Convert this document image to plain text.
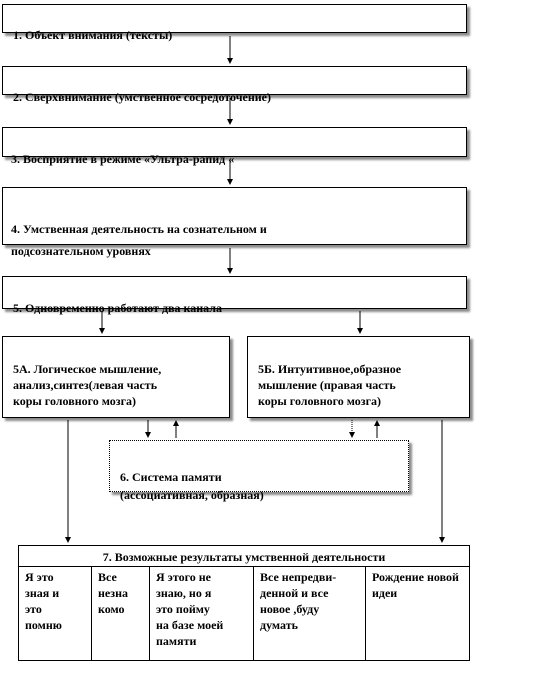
1. Объект внимания (тексты)

2. Сверхвнимание (умственное сосредоточение)

3. Восприятие в режиме «Ультра-рапид «

4. Умственная деятельность на сознательном и
подсознательном уровнях

5. Одновременно работают два канала

5А. Логическое мышление,
анализ,синтез(левая часть
коры головного мозга)

5Б. Интуитивное,образное
мышление (правая часть
коры головного мозга)

6. Система памяти
(ассоциативная, образная)

7. Возможные результаты умственной деятельности
Я это
зная и
это
помню
Все
незна
комо
Я этого не
знаю, но я
это пойму
на базе моей
памяти
Все непредви-
денной и все
новое ,буду
думать
Рождение новой
идеи
